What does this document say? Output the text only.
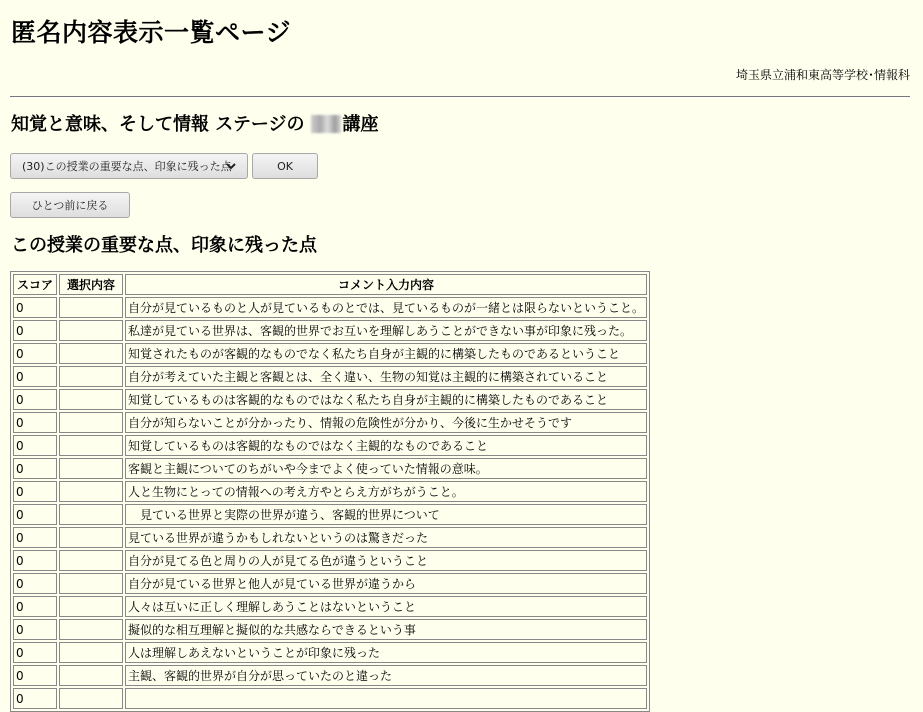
匿名内容表示一覧ページ
埼玉県立浦和東高等学校･情報科
知覚と意味、そして情報 ステージの 講座
(30)この授業の重要な点、印象に残った点	OK
ひとつ前に戻る
この授業の重要な点、印象に残った点
スコア	選択内容	コメント入力内容
0		自分が見ているものと人が見ているものとでは、見ているものが一緒とは限らないということ。
0		私達が見ている世界は、客観的世界でお互いを理解しあうことができない事が印象に残った。
0		知覚されたものが客観的なものでなく私たち自身が主観的に構築したものであるということ
0		自分が考えていた主観と客観とは、全く違い、生物の知覚は主観的に構築されていること
0		知覚しているものは客観的なものではなく私たち自身が主観的に構築したものであること
0		自分が知らないことが分かったり、情報の危険性が分かり、今後に生かせそうです
0		知覚しているものは客観的なものではなく主観的なものであること
0		客観と主観についてのちがいや今までよく使っていた情報の意味。
0		人と生物にとっての情報への考え方やとらえ方がちがうこと。
0		　見ている世界と実際の世界が違う、客観的世界について
0		見ている世界が違うかもしれないというのは驚きだった
0		自分が見てる色と周りの人が見てる色が違うということ
0		自分が見ている世界と他人が見ている世界が違うから
0		人々は互いに正しく理解しあうことはないということ
0		擬似的な相互理解と擬似的な共感ならできるという事
0		人は理解しあえないということが印象に残った
0		主観、客観的世界が自分が思っていたのと違った
0		
